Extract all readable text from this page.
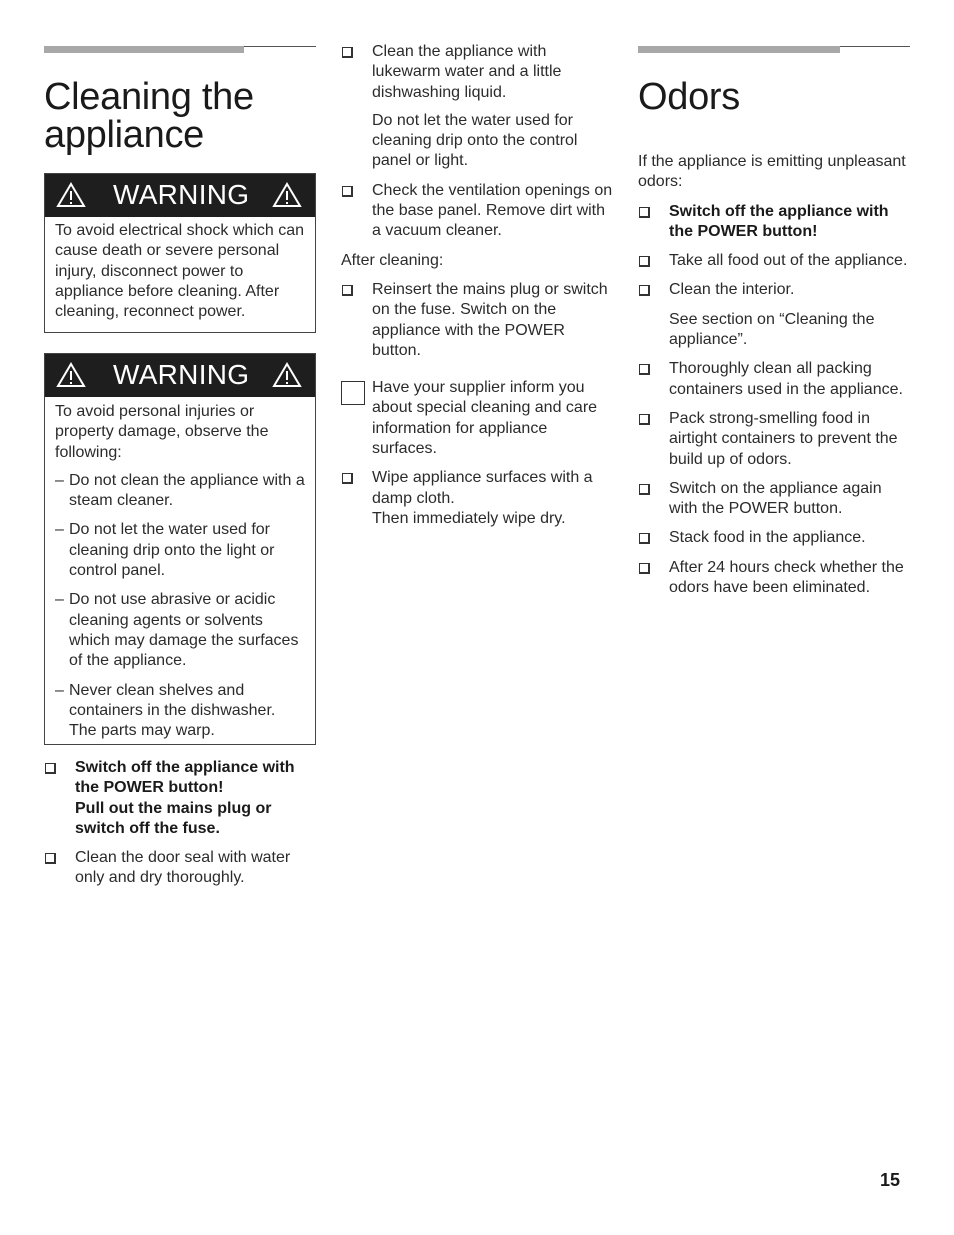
Cleaning the
appliance
WARNING

To avoid electrical shock which can cause death or severe personal injury, disconnect power to appliance before cleaning. After cleaning, reconnect power.

WARNING

To avoid personal injuries or property damage, observe the following:

– Do not clean the appliance with a steam cleaner.
– Do not let the water used for cleaning drip onto the light or control panel.
– Do not use abrasive or acidic cleaning agents or solvents which may damage the surfaces of the appliance.
– Never clean shelves and containers in the dishwasher. The parts may warp.
Switch off the appliance with the POWER button!
Pull out the mains plug or switch off the fuse.
Clean the door seal with water only and dry thoroughly.
Clean the appliance with lukewarm water and a little dishwashing liquid.
Do not let the water used for cleaning drip onto the control panel or light.
Check the ventilation openings on the base panel. Remove dirt with a vacuum cleaner.
After cleaning:
Reinsert the mains plug or switch on the fuse. Switch on the appliance with the POWER button.
Have your supplier inform you about special cleaning and care information for appliance surfaces.
Wipe appliance surfaces with a damp cloth.
Then immediately wipe dry.
Odors
If the appliance is emitting unpleasant odors:
Switch off the appliance with the POWER button!
Take all food out of the appliance.
Clean the interior.
See section on “Cleaning the appliance”.
Thoroughly clean all packing containers used in the appliance.
Pack strong-smelling food in airtight containers to prevent the build up of odors.
Switch on the appliance again with the POWER button.
Stack food in the appliance.
After 24 hours check whether the odors have been eliminated.
15
